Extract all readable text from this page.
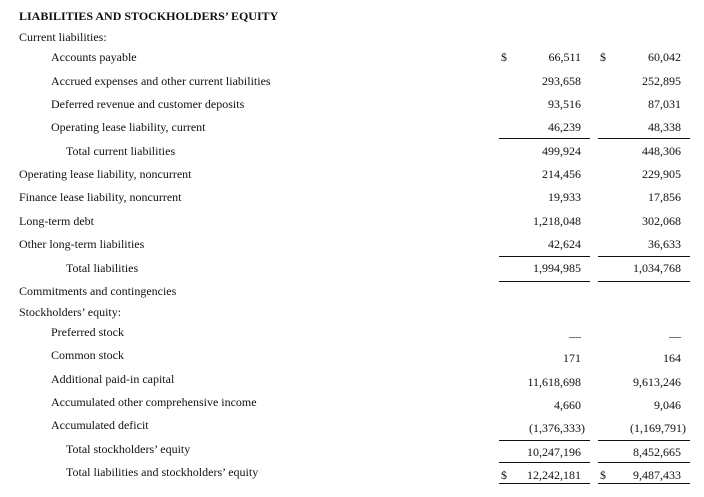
LIABILITIES AND STOCKHOLDERS’ EQUITY
Current liabilities:
Accounts payable	$	66,511 $	60,042
Accrued expenses and other current liabilities	293,658	252,895
Deferred revenue and customer deposits	93,516	87,031
Operating lease liability, current	46,239	48,338
Total current liabilities	499,924	448,306
Operating lease liability, noncurrent	214,456	229,905
Finance lease liability, noncurrent	19,933	17,856
Long-term debt	1,218,048	302,068
Other long-term liabilities	42,624	36,633
Total liabilities	1,994,985	1,034,768
Commitments and contingencies
Stockholders’ equity:
Preferred stock	—	—
Common stock	171	164
Additional paid-in capital	11,618,698	9,613,246
Accumulated other comprehensive income	4,660	9,046
Accumulated deficit	(1,376,333)	(1,169,791)
Total stockholders’ equity	10,247,196	8,452,665
Total liabilities and stockholders’ equity	$	12,242,181 $	9,487,433
